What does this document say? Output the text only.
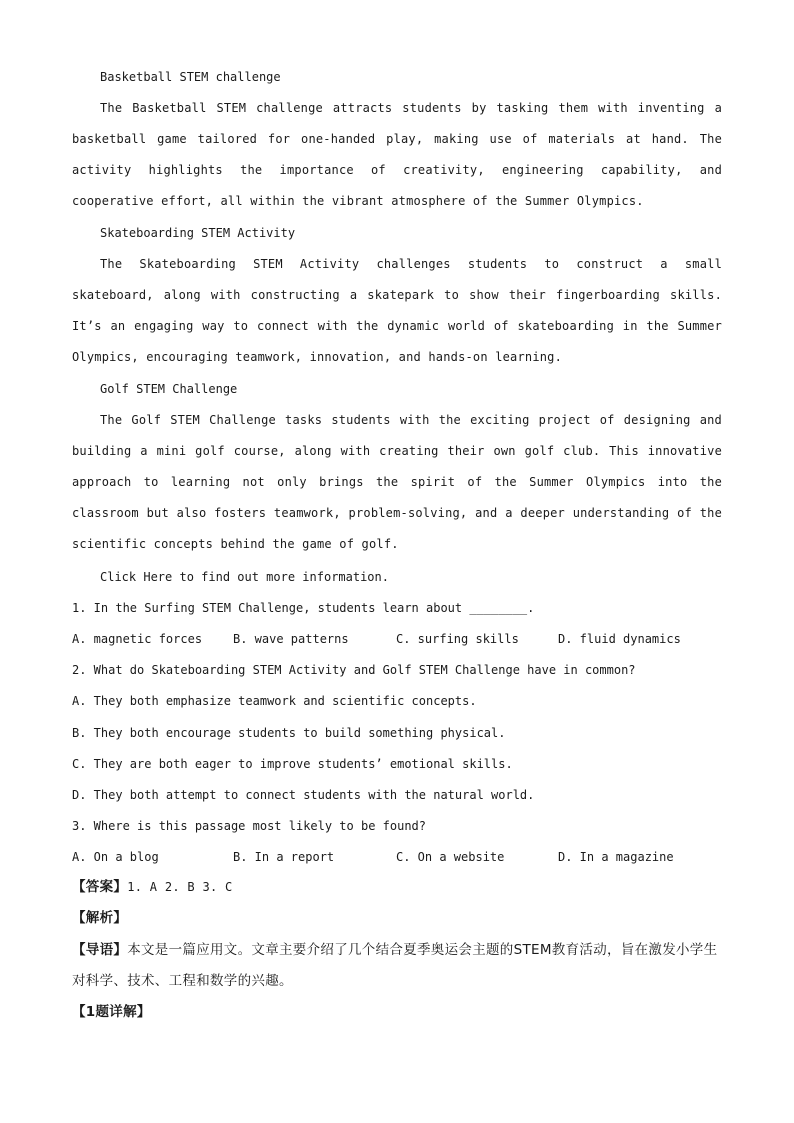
Basketball STEM challenge

The Basketball STEM challenge attracts students by tasking them with inventing a basketball game tailored for one-handed play, making use of materials at hand. The activity highlights the importance of creativity, engineering capability, and cooperative effort, all within the vibrant atmosphere of the Summer Olympics.

Skateboarding STEM Activity

The Skateboarding STEM Activity challenges students to construct a small skateboard, along with constructing a skatepark to show their fingerboarding skills. It’s an engaging way to connect with the dynamic world of skateboarding in the Summer Olympics, encouraging teamwork, innovation, and hands-on learning.

Golf STEM Challenge

The Golf STEM Challenge tasks students with the exciting project of designing and building a mini golf course, along with creating their own golf club. This innovative approach to learning not only brings the spirit of the Summer Olympics into the classroom but also fosters teamwork, problem-solving, and a deeper understanding of the scientific concepts behind the game of golf.

Click Here to find out more information.

1. In the Surfing STEM Challenge, students learn about ________.

A. magnetic forces	B. wave patterns	C. surfing skills	D. fluid dynamics

2. What do Skateboarding STEM Activity and Golf STEM Challenge have in common?

A. They both emphasize teamwork and scientific concepts.

B. They both encourage students to build something physical.

C. They are both eager to improve students’ emotional skills.

D. They both attempt to connect students with the natural world.

3. Where is this passage most likely to be found?

A. On a blog	B. In a report	C. On a website	D. In a magazine

【答案】1. A 2. B 3. C

【解析】

【导语】本文是一篇应用文。文章主要介绍了几个结合夏季奥运会主题的STEM教育活动，旨在激发小学生对科学、技术、工程和数学的兴趣。

【1题详解】
